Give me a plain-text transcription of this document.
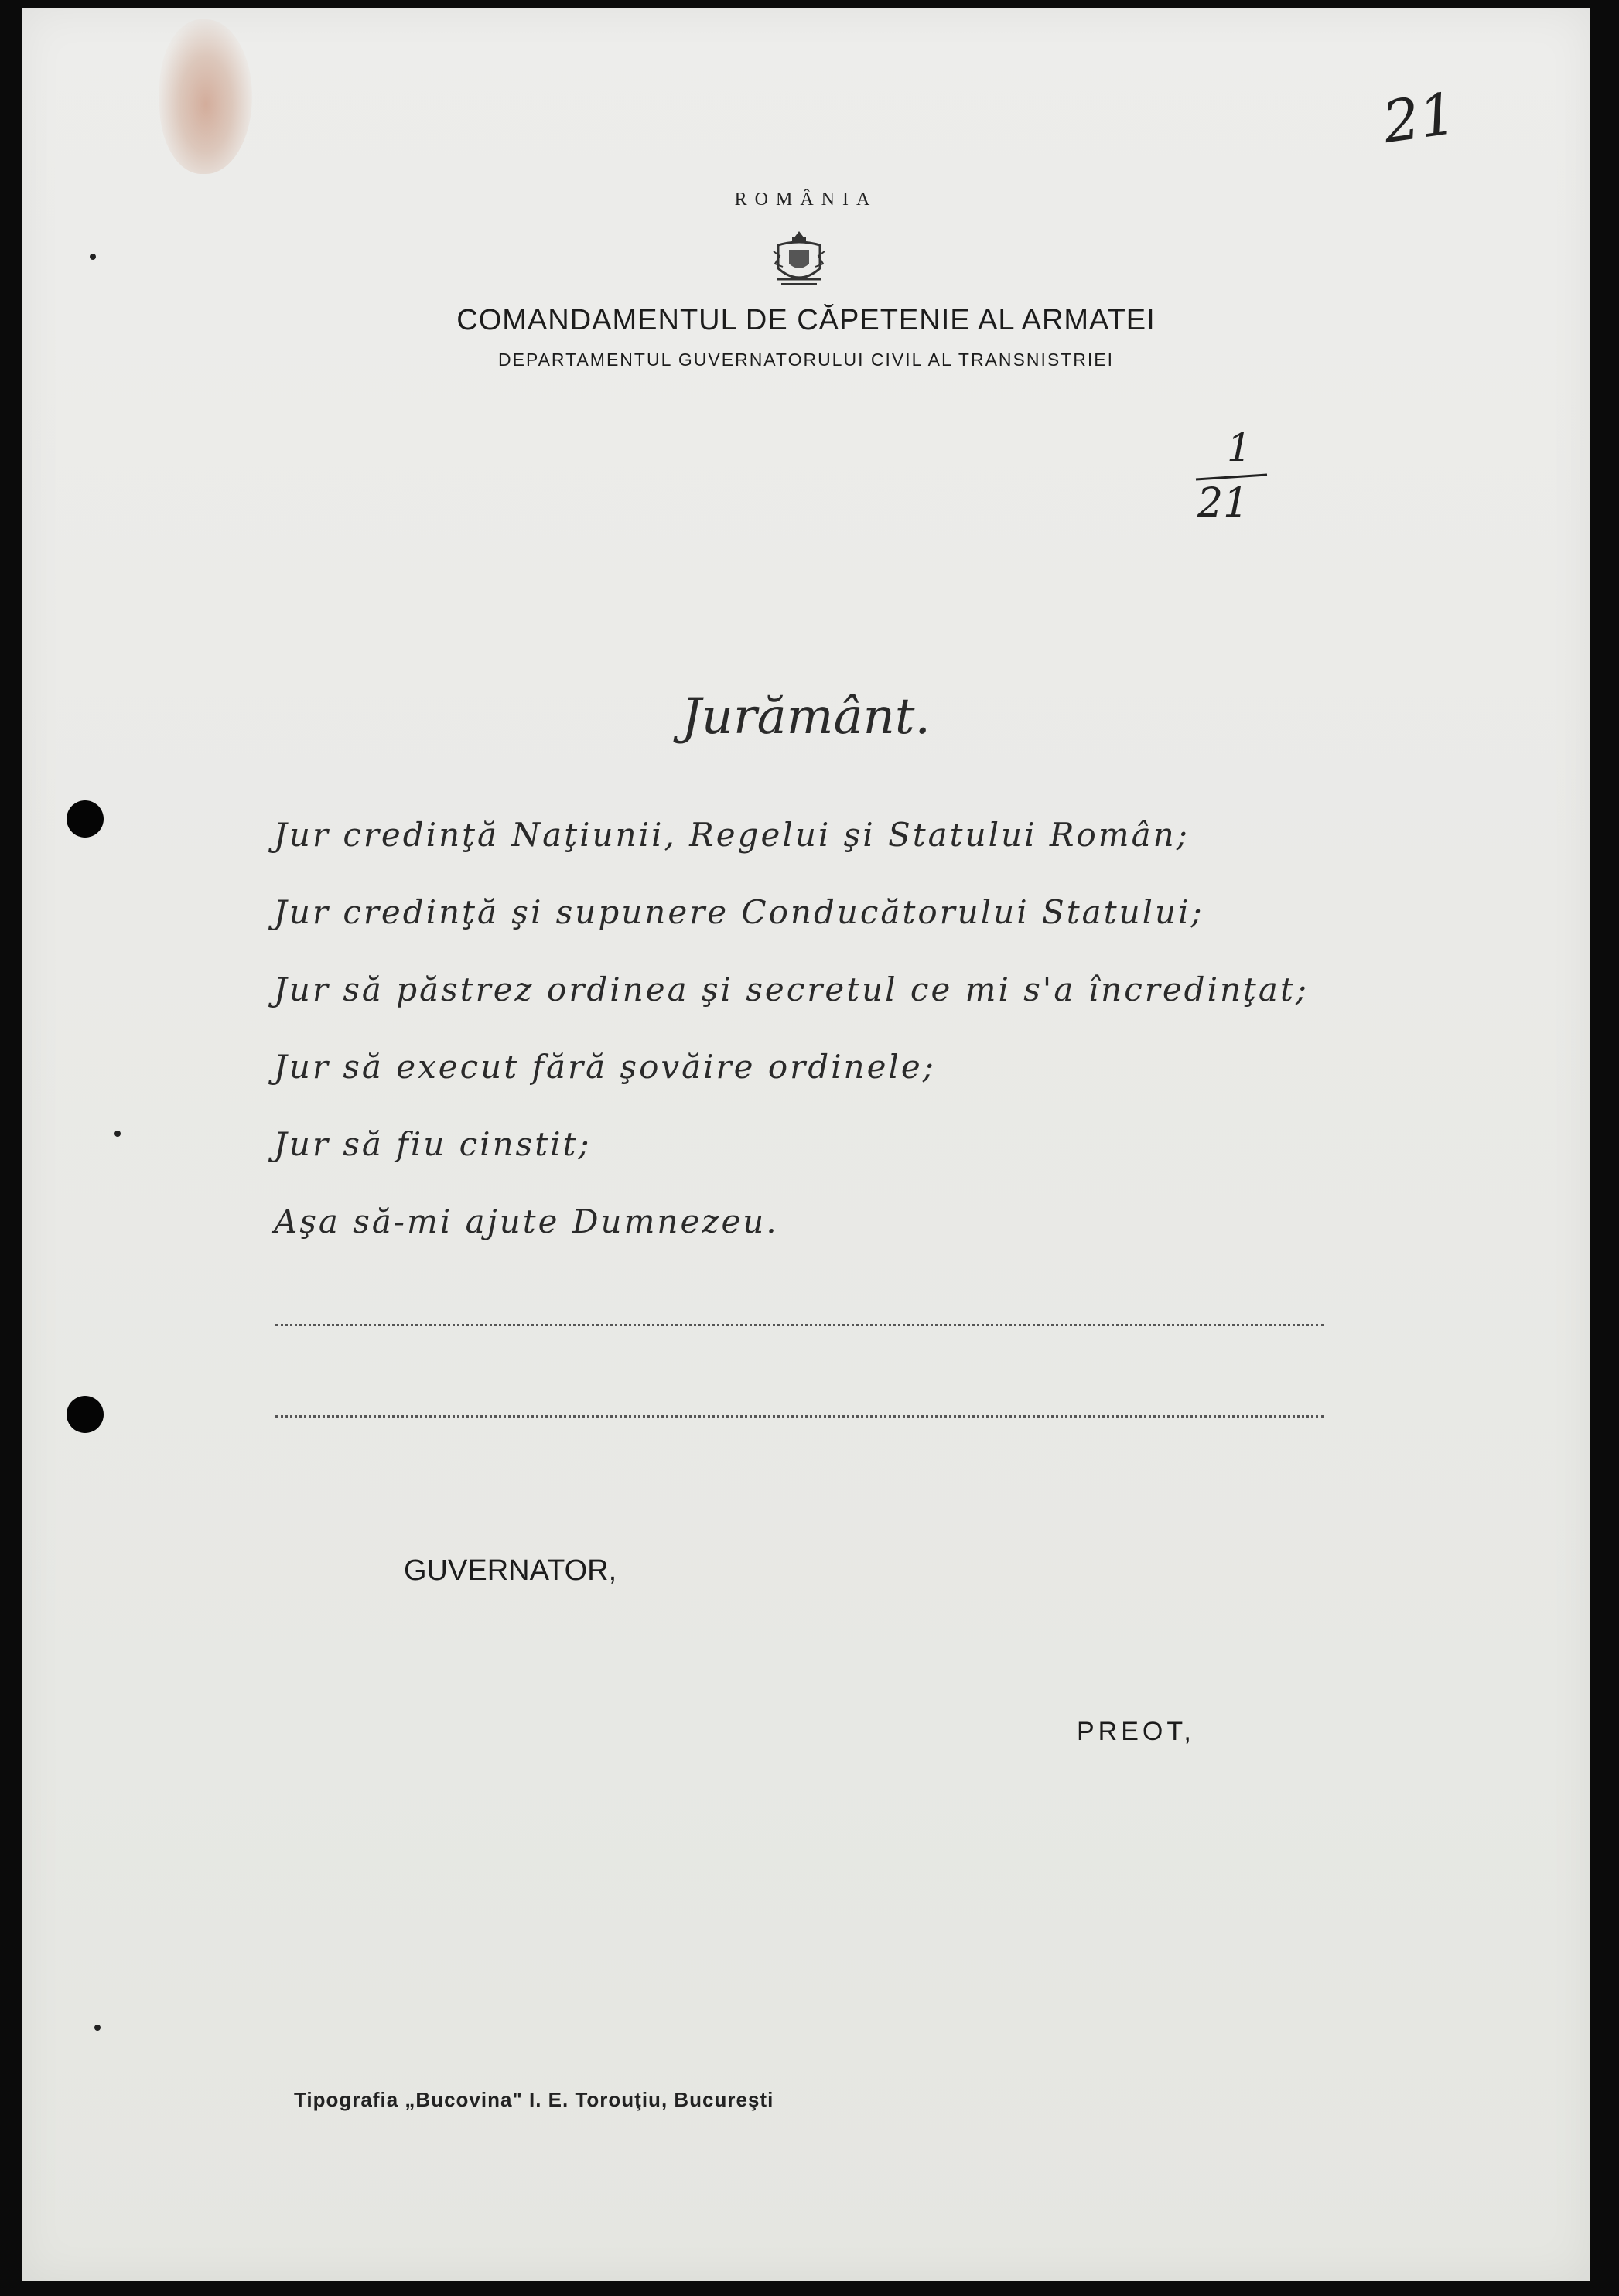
ROMÂNIA
COMANDAMENTUL DE CĂPETENIE AL ARMATEI
DEPARTAMENTUL GUVERNATORULUI CIVIL AL TRANSNISTRIEI
21
1
21
Jurământ.
Jur credinţă Naţiunii, Regelui şi Statului Român;
Jur credinţă şi supunere Conducătorului Statului;
Jur să păstrez ordinea şi secretul ce mi s'a încredinţat;
Jur să execut fără şovăire ordinele;
Jur să fiu cinstit;
Aşa să-mi ajute Dumnezeu.
GUVERNATOR,
PREOT,
Tipografia „Bucovina" I. E. Torouţiu, Bucureşti
